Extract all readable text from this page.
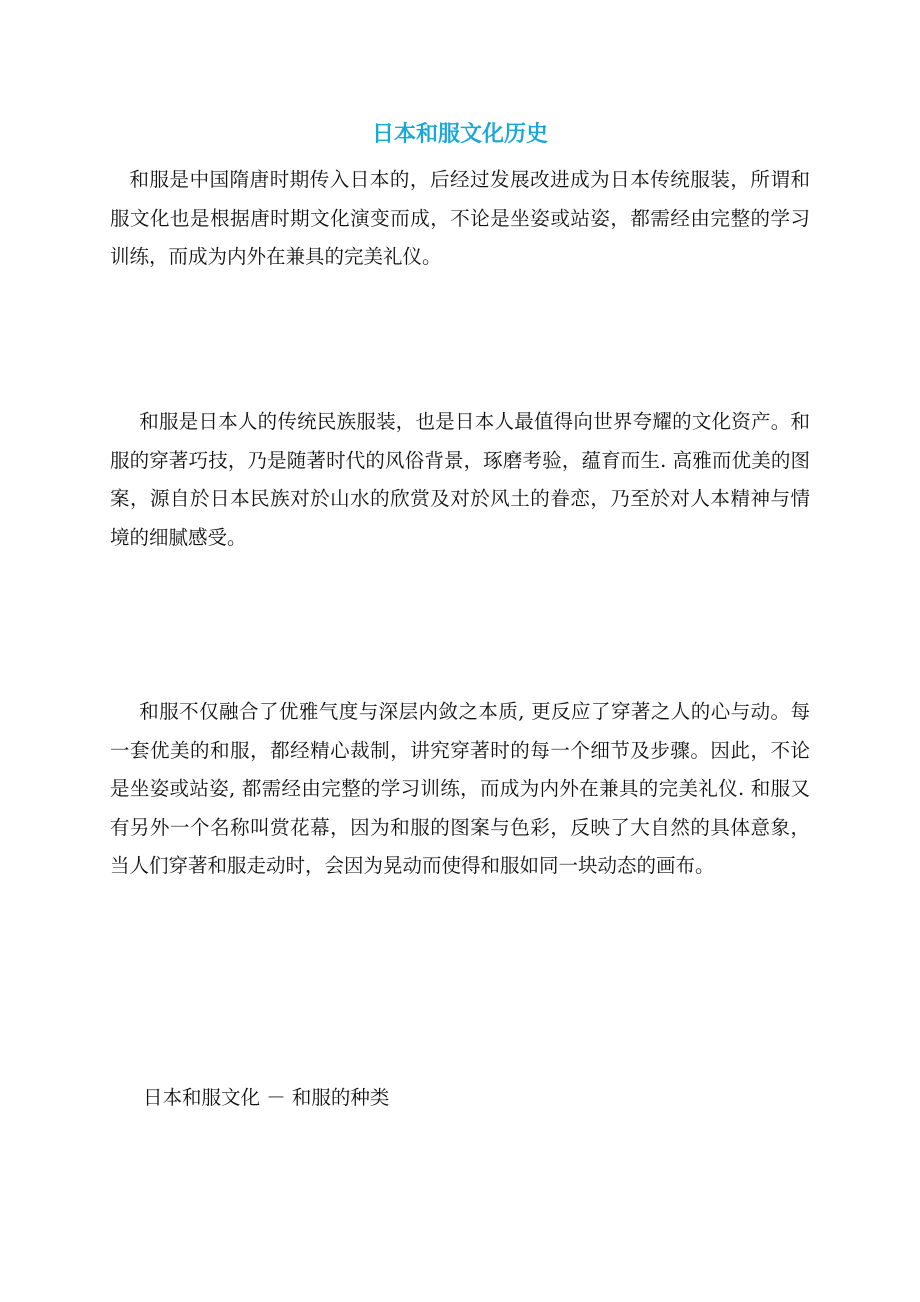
日本和服文化历史

和服是中国隋唐时期传入日本的，后经过发展改进成为日本传统服装，所谓和服文化也是根据唐时期文化演变而成，不论是坐姿或站姿，都需经由完整的学习训练，而成为内外在兼具的完美礼仪。

和服是日本人的传统民族服装，也是日本人最值得向世界夸耀的文化资产。和服的穿著巧技，乃是随著时代的风俗背景，琢磨考验，蕴育而生. 高雅而优美的图案，源自於日本民族对於山水的欣赏及对於风土的眷恋，乃至於对人本精神与情境的细腻感受。

和服不仅融合了优雅气度与深层内敛之本质, 更反应了穿著之人的心与动。每一套优美的和服，都经精心裁制，讲究穿著时的每一个细节及步骤。因此，不论是坐姿或站姿, 都需经由完整的学习训练，而成为内外在兼具的完美礼仪. 和服又有另外一个名称叫赏花幕，因为和服的图案与色彩，反映了大自然的具体意象，当人们穿著和服走动时，会因为晃动而使得和服如同一块动态的画布。

日本和服文化 － 和服的种类
